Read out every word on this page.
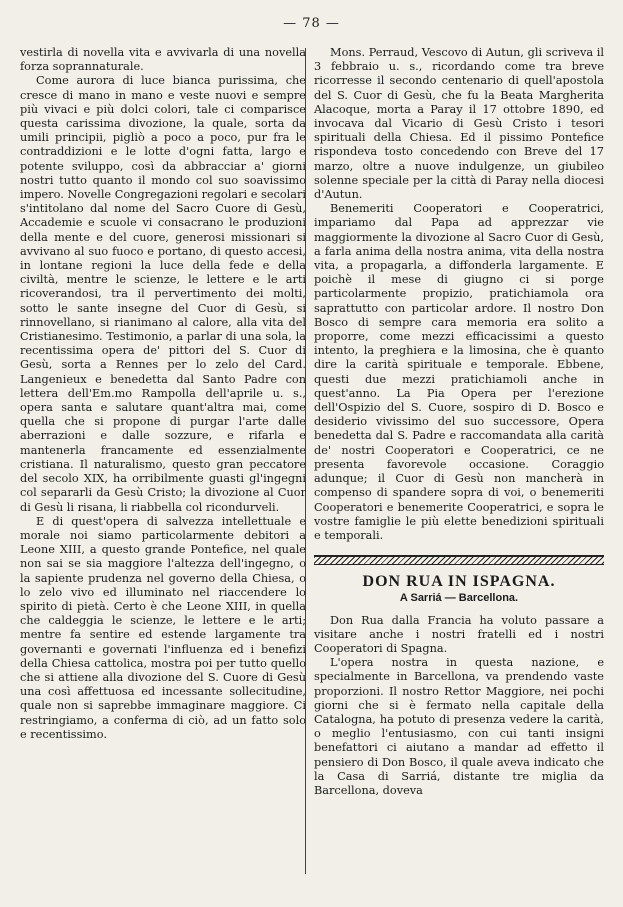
— 78 —

vestirla di novella vita e avvivarla di una novella forza soprannaturale.

Come aurora di luce bianca purissima, che cresce di mano in mano e veste nuovi e sempre più vivaci e più dolci colori, tale ci comparisce questa carissima divozione, la quale, sorta da umili principii, pigliò a poco a poco, pur fra le contraddizioni e le lotte d'ogni fatta, largo e potente sviluppo, così da abbracciar a' giorni nostri tutto quanto il mondo col suo soavissimo impero. Novelle Congregazioni regolari e secolari s'intitolano dal nome del Sacro Cuore di Gesù, Accademie e scuole vi consacrano le produzioni della mente e del cuore, generosi missionari si avvivano al suo fuoco e portano, di questo accesi, in lontane regioni la luce della fede e della civiltà, mentre le scienze, le lettere e le arti ricoverandosi, tra il pervertimento dei molti, sotto le sante insegne del Cuor di Gesù, si rinnovellano, si rianimano al calore, alla vita del Cristianesimo. Testimonio, a parlar di una sola, la recentissima opera de' pittori del S. Cuor di Gesù, sorta a Rennes per lo zelo del Card. Langenieux e benedetta dal Santo Padre con lettera dell'Em.mo Rampolla dell'aprile u. s., opera santa e salutare quant'altra mai, come quella che si propone di purgar l'arte dalle aberrazioni e dalle sozzure, e rifarla e mantenerla francamente ed essenzialmente cristiana. Il naturalismo, questo gran peccatore del secolo XIX, ha orribilmente guasti gl'ingegni col separarli da Gesù Cristo; la divozione al Cuor di Gesù li risana, li riabbella col ricondurveli.

E di quest'opera di salvezza intellettuale e morale noi siamo particolarmente debitori a Leone XIII, a questo grande Pontefice, nel quale non sai se sia maggiore l'altezza dell'ingegno, o la sapiente prudenza nel governo della Chiesa, o lo zelo vivo ed illuminato nel riaccendere lo spirito di pietà. Certo è che Leone XIII, in quella che caldeggia le scienze, le lettere e le arti; mentre fa sentire ed estende largamente tra governanti e governati l'influenza ed i benefizi della Chiesa cattolica, mostra poi per tutto quello che si attiene alla divozione del S. Cuore di Gesù una così affettuosa ed incessante sollecitudine, quale non si saprebbe immaginare maggiore. Ci restringiamo, a conferma di ciò, ad un fatto solo e recentissimo.

Mons. Perraud, Vescovo di Autun, gli scriveva il 3 febbraio u. s., ricordando come tra breve ricorresse il secondo centenario di quell'apostola del S. Cuor di Gesù, che fu la Beata Margherita Alacoque, morta a Paray il 17 ottobre 1890, ed invocava dal Vicario di Gesù Cristo i tesori spirituali della Chiesa. Ed il pissimo Pontefice rispondeva tosto concedendo con Breve del 17 marzo, oltre a nuove indulgenze, un giubileo solenne speciale per la città di Paray nella diocesi d'Autun.

Benemeriti Cooperatori e Cooperatrici, impariamo dal Papa ad apprezzar vie maggiormente la divozione al Sacro Cuor di Gesù, a farla anima della nostra anima, vita della nostra vita, a propagarla, a diffonderla largamente. E poichè il mese di giugno ci si porge particolarmente propizio, pratichiamola ora saprattutto con particolar ardore. Il nostro Don Bosco di sempre cara memoria era solito a proporre, come mezzi efficacissimi a questo intento, la preghiera e la limosina, che è quanto dire la carità spirituale e temporale. Ebbene, questi due mezzi pratichiamoli anche in quest'anno. La Pia Opera per l'erezione dell'Ospizio del S. Cuore, sospiro di D. Bosco e desiderio vivissimo del suo successore, Opera benedetta dal S. Padre e raccomandata alla carità de' nostri Cooperatori e Cooperatrici, ce ne presenta favorevole occasione. Coraggio adunque; il Cuor di Gesù non mancherà in compenso di spandere sopra di voi, o benemeriti Cooperatori e benemerite Cooperatrici, e sopra le vostre famiglie le più elette benedizioni spirituali e temporali.

DON RUA IN ISPAGNA.
A Sarriá — Barcellona.

Don Rua dalla Francia ha voluto passare a visitare anche i nostri fratelli ed i nostri Cooperatori di Spagna.

L'opera nostra in questa nazione, e specialmente in Barcellona, va prendendo vaste proporzioni. Il nostro Rettor Maggiore, nei pochi giorni che si è fermato nella capitale della Catalogna, ha potuto di presenza vedere la carità, o meglio l'entusiasmo, con cui tanti insigni benefattori ci aiutano a mandar ad effetto il pensiero di Don Bosco, il quale aveva indicato che la Casa di Sarriá, distante tre miglia da Barcellona, doveva
